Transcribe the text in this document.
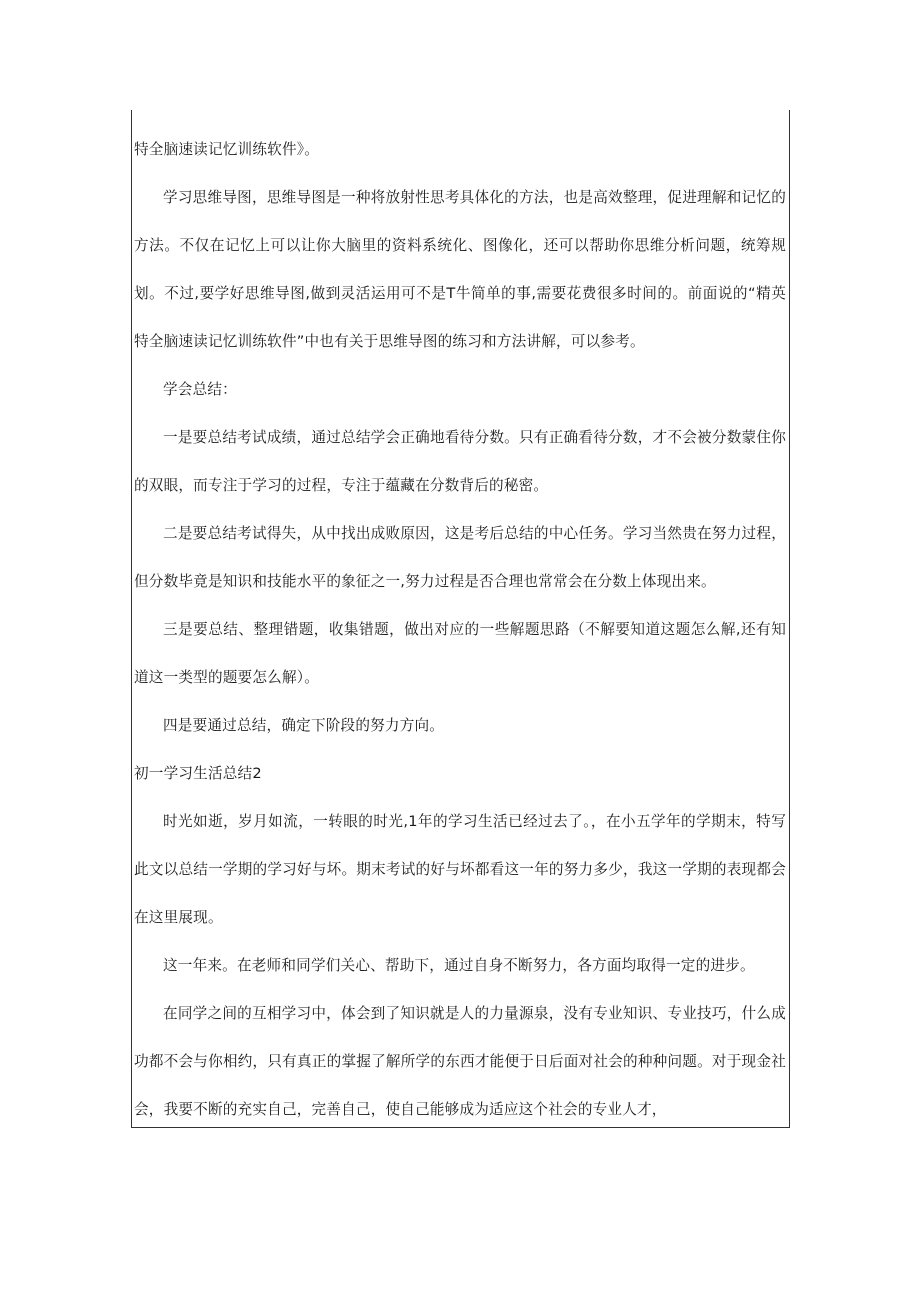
特全脑速读记忆训练软件》。

学习思维导图，思维导图是一种将放射性思考具体化的方法，也是高效整理，促进理解和记忆的方法。不仅在记忆上可以让你大脑里的资料系统化、图像化，还可以帮助你思维分析问题，统筹规划。不过,要学好思维导图,做到灵活运用可不是T牛简单的事,需要花费很多时间的。前面说的“精英特全脑速读记忆训练软件”中也有关于思维导图的练习和方法讲解，可以参考。

学会总结：

一是要总结考试成绩，通过总结学会正确地看待分数。只有正确看待分数，才不会被分数蒙住你的双眼，而专注于学习的过程，专注于蕴藏在分数背后的秘密。

二是要总结考试得失，从中找出成败原因，这是考后总结的中心任务。学习当然贵在努力过程，但分数毕竟是知识和技能水平的象征之一,努力过程是否合理也常常会在分数上体现出来。

三是要总结、整理错题，收集错题，做出对应的一些解题思路（不解要知道这题怎么解,还有知道这一类型的题要怎么解）。

四是要通过总结，确定下阶段的努力方向。

初一学习生活总结2

时光如逝，岁月如流，一转眼的时光,1年的学习生活已经过去了。，在小五学年的学期末，特写此文以总结一学期的学习好与坏。期末考试的好与坏都看这一年的努力多少，我这一学期的表现都会在这里展现。

这一年来。在老师和同学们关心、帮助下，通过自身不断努力，各方面均取得一定的进步。

在同学之间的互相学习中，体会到了知识就是人的力量源泉，没有专业知识、专业技巧，什么成功都不会与你相约，只有真正的掌握了解所学的东西才能便于日后面对社会的种种问题。对于现金社会，我要不断的充实自己，完善自己，使自己能够成为适应这个社会的专业人才，
